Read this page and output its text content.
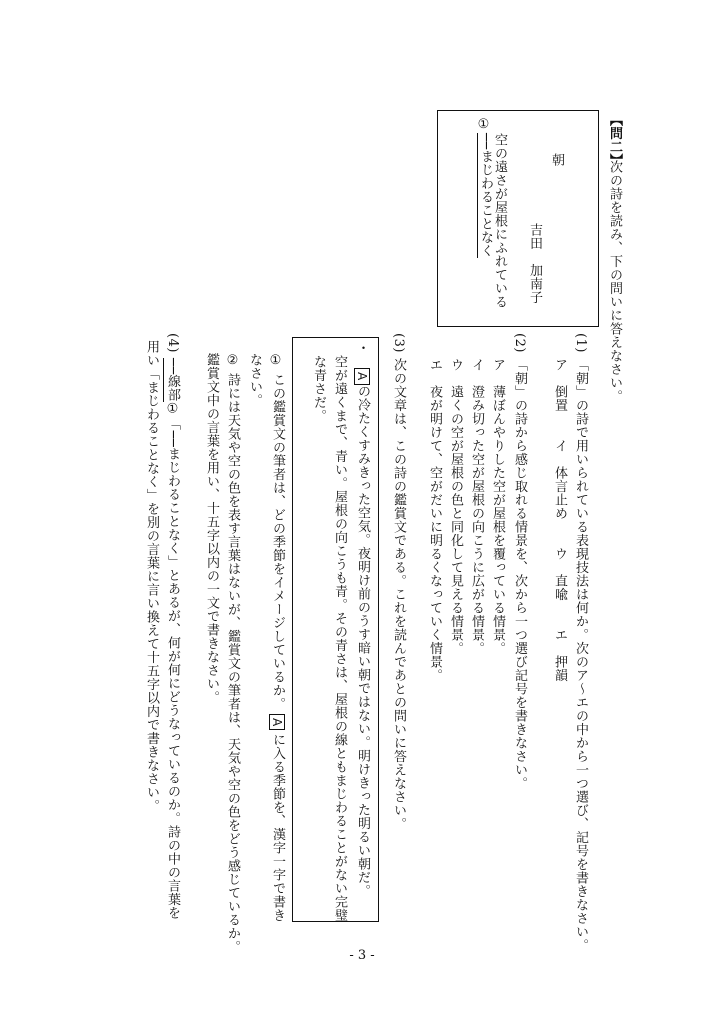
【問二】
次の詩を読み、下の問いに答えなさい。
朝
吉田　加南子
空の遠さが屋根にふれている
①
──まじわることなく
(1)
「朝」の詩で用いられている表現技法は何か。次のア～エの中から一つ選び、記号を書きなさい。
ア　倒置　　イ　体言止め　　ウ　直喩　　エ　押韻
(2)
「朝」の詩から感じ取れる情景を、次から一つ選び記号を書きなさい。
ア　薄ぼんやりした空が屋根を覆っている情景。
イ　澄み切った空が屋根の向こうに広がる情景。
ウ　遠くの空が屋根の色と同化して見える情景。
エ　夜が明けて、空がだいに明るくなっていく情景。
(3)
次の文章は、この詩の鑑賞文である。これを読んであとの問いに答えなさい。
・
Aの冷たくすみきった空気。夜明け前のうす暗い朝ではない。明けきった明るい朝だ。
空が遠くまで、青い。屋根の向こうも青。その青さは、屋根の線ともまじわることがない完璧
な青さだ。
①
この鑑賞文の筆者は、どの季節をイメージしているか。Aに入る季節を、漢字一字で書き
なさい。
②
詩には天気や空の色を表す言葉はないが、鑑賞文の筆者は、天気や空の色をどう感じているか。
鑑賞文中の言葉を用い、十五字以内の一文で書きなさい。
(4)
──線部①「──まじわることなく」とあるが、何が何にどうなっているのか。詩の中の言葉を
用い「まじわることなく」を別の言葉に言い換えて十五字以内で書きなさい。
- 3 -
